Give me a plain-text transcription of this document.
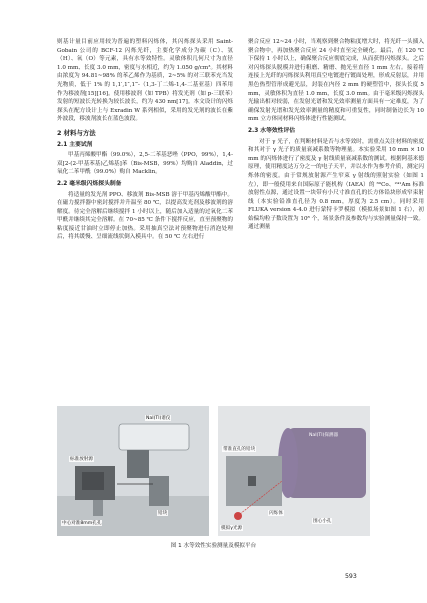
则基计量目前应用较为普遍的塑料闪烁体，其闪烁探头采用 Saint-Gobain 公司的 BCF-12 闪烁光纤，主要化学成分为碳（C）、氢（H）、氧（O）等元素，具有水等效特性。灵敏体积几何尺寸为直径 1.0 mm、长度 3.0 mm，密度与水相近，约为 1.050 g/cm³。其材料由浓度为 94.81~98% 的苯乙烯作为基质，2~5% 的对三联苯充当发光物质，低于 1% 的 1,1′,1″,1‴-（1,3-丁二烯-1,4-二基亚基）四苯用作为移波剂[15][16]。使用移波剂（如 TPB）将发光剂（如 p-三联苯）发射的短波长光转换为较长波长，约为 430 nm[17]。本文设计的闪烁探头在配方设计上与 Exradin W 系列相似，采用的发光剂的波长在紫外波段，移波剂波长在蓝色波段。

2 材料与方法
2.1 主要试剂

甲基丙烯酸甲酯（99.0%），2,5-二苯基恶唑（PPO，99%），1,4-双[2-(2-甲基苯基)乙烯基]苯（Bis-MSB，99%）均购自 Aladdin，过氧化二苯甲酰（99.0%）购自 Macklin。

2.2 毫米级闪烁探头制备

将适量的发光剂 PPO、移波剂 Bis-MSB 溶于甲基丙烯酸甲酯中。在磁力搅拌器中密封搅拌并升温至 80 ℃，以提高发光剂及移波剂的溶解度。待完全溶解后继续搅拌 1 小时以上，随后加入适量的过氧化二苯甲酰并继续其完全溶解。在 70~85 ℃ 条件下搅拌反应，直至预聚物的粘度接近甘油时立即停止加热。采用抽真空法对预聚物进行消泡处理后，将其缓慢、呈细流线状倒入模具中。在 50 ℃ 左右进行

聚合反应 12~24 小时，当观察到聚合物粘度增大时，将光纤一头插入聚合物中，再加热聚合反应 24 小时直至完全硬化。最后，在 120 ℃ 下保持 1 小时以上，确保聚合反应彻底完成，从而获得闪烁探头。之后对闪烁探头脱模并进行粗磨、精磨、抛光至直径 1 mm 左右。接着将连接上光纤的闪烁探头利用真空电镀进行镀面处理，形成反射层，并用黑色热塑管形成避光层，封装在内径 2 mm 的硬塑管中，探头长度 5 mm，灵敏体积为直径 1.0 mm，长度 3.0 mm。由于毫米级闪烁探头光输出相对较弱，在发射光谱和发光效率测量方面具有一定难度，为了确保发射光谱和发光效率测量的精度和可重复性，同时制备边长为 10 mm 立方体同材料闪烁体进行性能测试。

2.3 水等效性评估

对于 γ 光子，在判断材料是否与水等效时，需重点关注材料的密度和其对于 γ 光子的质量衰减系数等物理量。本实验采用 10 mm × 10 mm 的闪烁体进行了密度及 γ 射线质量衰减系数的测试。根据阿基米德原理，使用精度达万分之一的电子天平，并以水作为参考介质，测定闪烁体的密度。由于常规放射源产生窄束 γ 射线的照射实验（如图 1 左），即一般使用来自国际原子能机构（IAEA）的 ⁶⁰Co、²⁴¹Am 标准放射性点源，通过设置一块带有小尺寸准直孔的长方体铅块形成窄束射线（本实验铅准直孔径为 0.8 mm，厚度为 2.5 cm）。同时采用 FLUKA version 4-4.0 进行蒙特卡罗模拟（模拟场景如图 1 右），初始偏均粒子数设置为 10⁸ 个，场景条件及参数均与实验测量保持一致。通过测量

NaI(Tl)谱仪
标准放射源
中心对准8mm孔孔
铅块
NaI(Tl)探测器
带准直孔的铅块
模拟γ光源
闪烁体
围心小孔
图 1 水等效性实验测量及模拟平台
593
